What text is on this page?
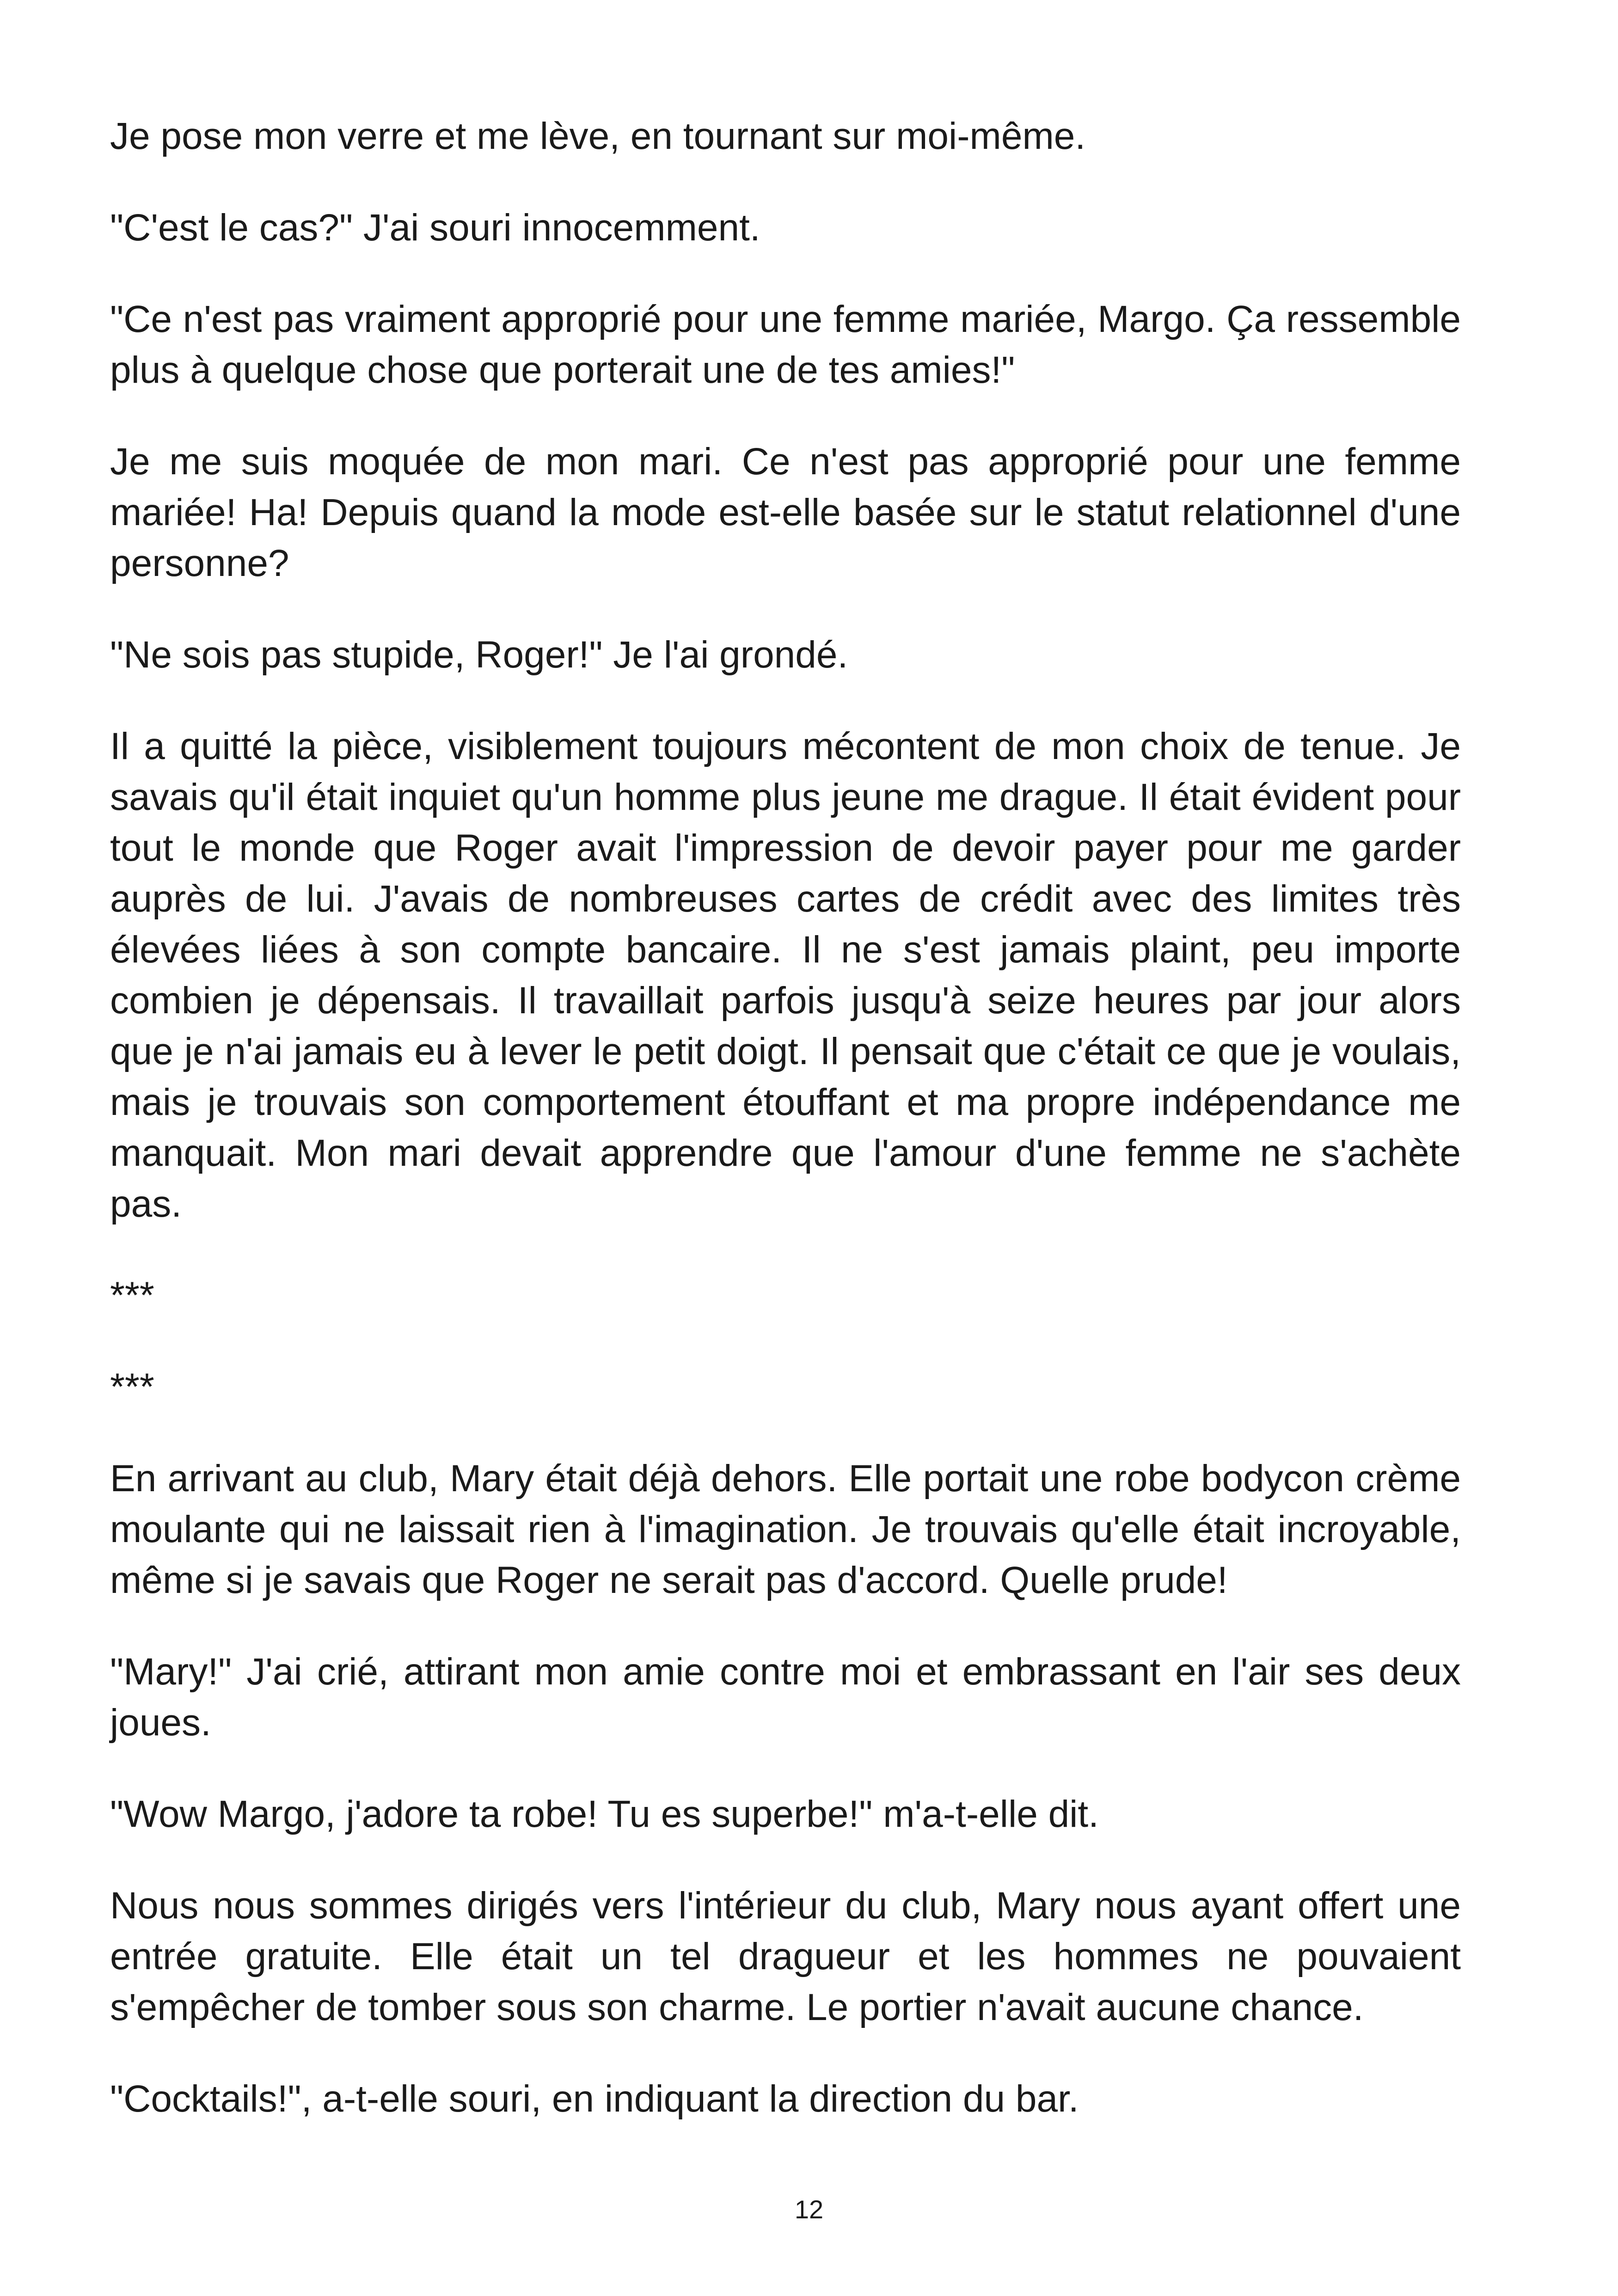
Je pose mon verre et me lève, en tournant sur moi-même.

"C'est le cas?" J'ai souri innocemment.

"Ce n'est pas vraiment approprié pour une femme mariée, Margo. Ça ressemble plus à quelque chose que porterait une de tes amies!"

Je me suis moquée de mon mari. Ce n'est pas approprié pour une femme mariée! Ha! Depuis quand la mode est-elle basée sur le statut relationnel d'une personne?

"Ne sois pas stupide, Roger!" Je l'ai grondé.

Il a quitté la pièce, visiblement toujours mécontent de mon choix de tenue. Je savais qu'il était inquiet qu'un homme plus jeune me drague. Il était évident pour tout le monde que Roger avait l'impression de devoir payer pour me garder auprès de lui. J'avais de nombreuses cartes de crédit avec des limites très élevées liées à son compte bancaire. Il ne s'est jamais plaint, peu importe combien je dépensais. Il travaillait parfois jusqu'à seize heures par jour alors que je n'ai jamais eu à lever le petit doigt. Il pensait que c'était ce que je voulais, mais je trouvais son comportement étouffant et ma propre indépendance me manquait. Mon mari devait apprendre que l'amour d'une femme ne s'achète pas.

***

***

En arrivant au club, Mary était déjà dehors. Elle portait une robe bodycon crème moulante qui ne laissait rien à l'imagination. Je trouvais qu'elle était incroyable, même si je savais que Roger ne serait pas d'accord. Quelle prude!

"Mary!" J'ai crié, attirant mon amie contre moi et embrassant en l'air ses deux joues.

"Wow Margo, j'adore ta robe! Tu es superbe!" m'a-t-elle dit.

Nous nous sommes dirigés vers l'intérieur du club, Mary nous ayant offert une entrée gratuite. Elle était un tel dragueur et les hommes ne pouvaient s'empêcher de tomber sous son charme. Le portier n'avait aucune chance.

"Cocktails!", a-t-elle souri, en indiquant la direction du bar.

12
